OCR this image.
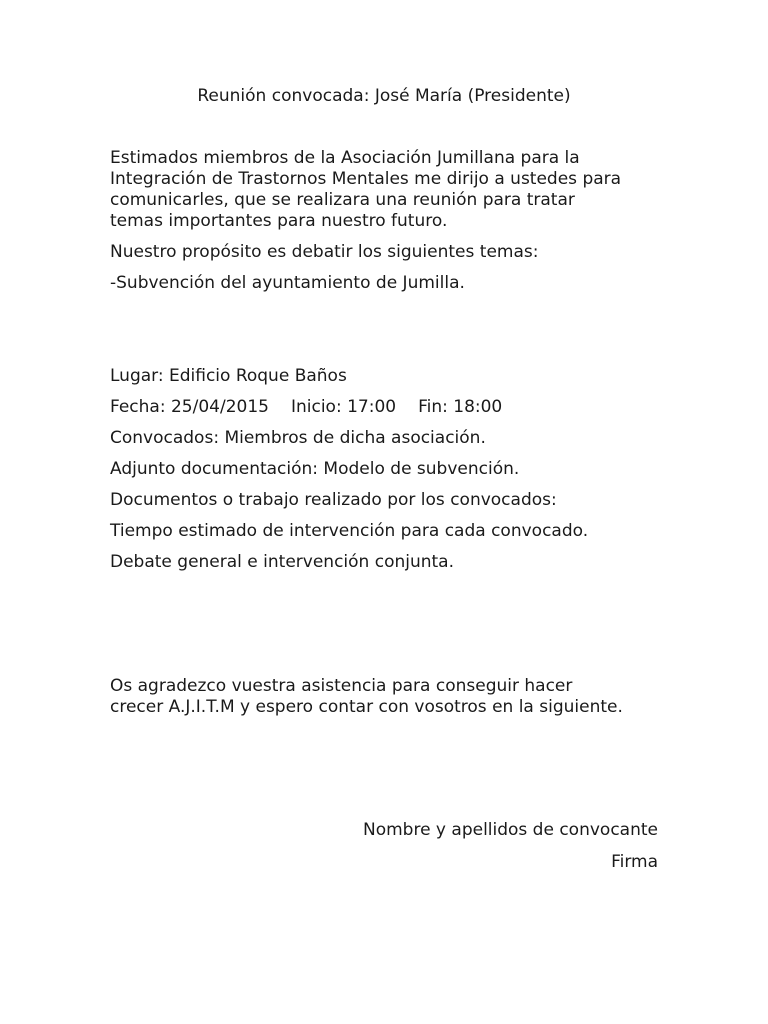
Reunión convocada: José María (Presidente)
Estimados miembros de la Asociación Jumillana para la
Integración de Trastornos Mentales me dirijo a ustedes para
comunicarles, que se realizara una reunión para tratar
temas importantes para nuestro futuro.
Nuestro propósito es debatir los siguientes temas:
-Subvención del ayuntamiento de Jumilla.
Lugar: Edificio Roque Baños
Fecha: 25/04/2015 Inicio: 17:00 Fin: 18:00
Convocados: Miembros de dicha asociación.
Adjunto documentación: Modelo de subvención.
Documentos o trabajo realizado por los convocados:
Tiempo estimado de intervención para cada convocado.
Debate general e intervención conjunta.
Os agradezco vuestra asistencia para conseguir hacer
crecer A.J.I.T.M y espero contar con vosotros en la siguiente.
Nombre y apellidos de convocante
Firma
